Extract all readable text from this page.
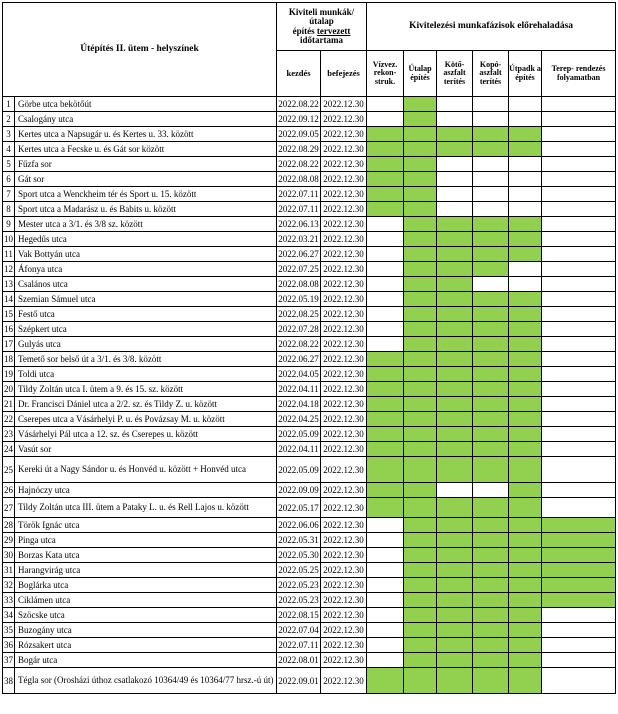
Útépítés II. ütem - helyszínek		Kiviteli munkák/útalap
építés tervezett
időtartama		Kivitelezési munkafázisok előrehaladása					
		kezdés	befejezés	Vízvez. rekon-struk.	Útalap építés	Kötő-aszfalt terítés	Kopó-aszfalt terítés	Útpadk a építés	Terep- rendezés folyamatban
1	Görbe utca bekötőút	2022.08.22	2022.12.30						
2	Csalogány utca	2022.09.12	2022.12.30						
3	Kertes utca a Napsugár u. és Kertes u. 33. között	2022.09.05	2022.12.30						
4	Kertes utca a Fecske u. és Gát sor között	2022.08.29	2022.12.30						
5	Fűzfa sor	2022.08.22	2022.12.30						
6	Gát sor	2022.08.08	2022.12.30						
7	Sport utca a Wenckheim tér és Sport u. 15. között	2022.07.11	2022.12.30						
8	Sport utca a Madarász u. és Babits u. között	2022.07.11	2022.12.30						
9	Mester utca a 3/1. és 3/8 sz. között	2022.06.13	2022.12.30						
10	Hegedűs utca	2022.03.21	2022.12.30						
11	Vak Bottyán utca	2022.06.27	2022.12.30						
12	Áfonya utca	2022.07.25	2022.12.30						
13	Csalános utca	2022.08.08	2022.12.30						
14	Szemian Sámuel utca	2022.05.19	2022.12.30						
15	Festő utca	2022.08.25	2022.12.30						
16	Szépkert utca	2022.07.28	2022.12.30						
17	Gulyás utca	2022.08.22	2022.12.30						
18	Temető sor belső út a 3/1. és 3/8. között	2022.06.27	2022.12.30						
19	Toldi utca	2022.04.05	2022.12.30						
20	Tildy Zoltán utca I. ütem a 9. és 15. sz. között	2022.04.11	2022.12.30						
21	Dr. Francisci Dániel utca a 2/2. sz. és Tildy Z. u. között	2022.04.18	2022.12.30						
22	Cserepes utca a Vásárhelyi P. u. és Povázsay M. u. között	2022.04.25	2022.12.30						
23	Vásárhelyi Pál utca a 12. sz. és Cserepes u. között	2022.05.09	2022.12.30						
24	Vasút sor	2022.04.11	2022.12.30						
25	Kereki út a Nagy Sándor u. és Honvéd u. között + Honvéd utca	2022.05.09	2022.12.30						
26	Hajnóczy utca	2022.09.09	2022.12.30						
27	Tildy Zoltán utca III. ütem a Pataky L. u. és Rell Lajos u. között	2022.05.17	2022.12.30						
28	Török Ignác utca	2022.06.06	2022.12.30						
29	Pinga utca	2022.05.31	2022.12.30						
30	Borzas Kata utca	2022.05.30	2022.12.30						
31	Harangvirág utca	2022.05.25	2022.12.30						
32	Boglárka utca	2022.05.23	2022.12.30						
33	Ciklámen utca	2022.05.23	2022.12.30						
34	Szöcske utca	2022.08.15	2022.12.30						
35	Buzogány utca	2022.07.04	2022.12.30						
36	Rózsakert utca	2022.07.11	2022.12.30						
37	Bogár utca	2022.08.01	2022.12.30						
38	Tégla sor (Orosházi úthoz csatlakozó 10364/49 és 10364/77 hrsz.-ú út)	2022.09.01	2022.12.30						
